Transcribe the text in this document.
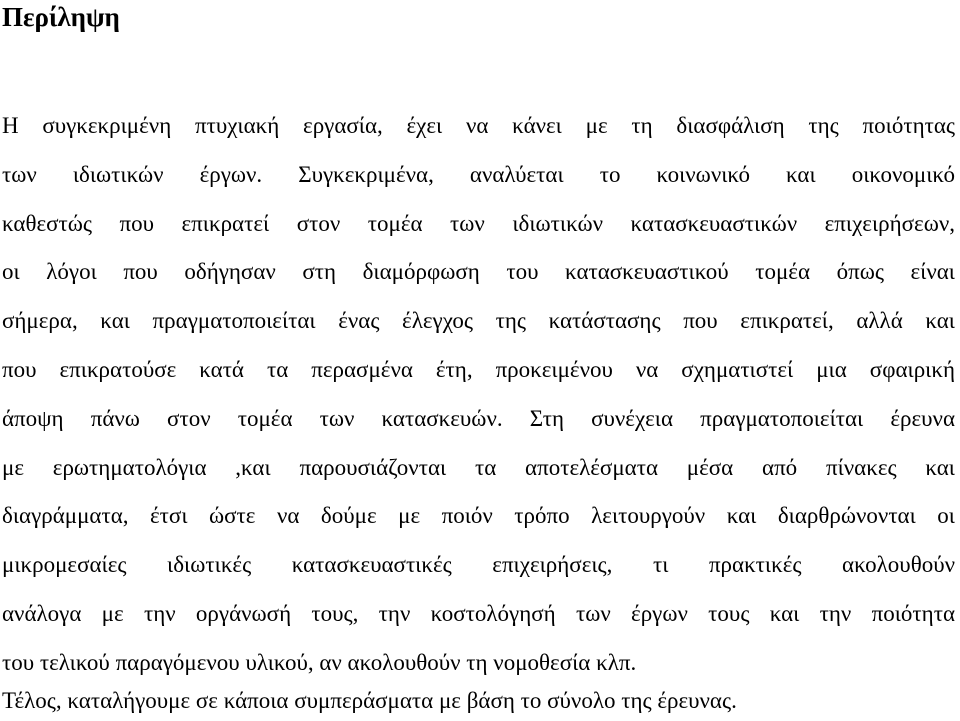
Περίληψη
Η συγκεκριμένη πτυχιακή εργασία, έχει να κάνει με τη διασφάλιση της ποιότητας
των ιδιωτικών έργων. Συγκεκριμένα, αναλύεται το κοινωνικό και οικονομικό
καθεστώς που επικρατεί στον τομέα των ιδιωτικών κατασκευαστικών επιχειρήσεων,
οι λόγοι που οδήγησαν στη διαμόρφωση του κατασκευαστικού τομέα όπως είναι
σήμερα, και πραγματοποιείται ένας έλεγχος της κατάστασης που επικρατεί, αλλά και
που επικρατούσε κατά τα περασμένα έτη, προκειμένου να σχηματιστεί μια σφαιρική
άποψη πάνω στον τομέα των κατασκευών. Στη συνέχεια πραγματοποιείται έρευνα
με ερωτηματολόγια ,και παρουσιάζονται τα αποτελέσματα μέσα από πίνακες και
διαγράμματα, έτσι ώστε να δούμε με ποιόν τρόπο λειτουργούν και διαρθρώνονται οι
μικρομεσαίες ιδιωτικές κατασκευαστικές επιχειρήσεις, τι πρακτικές ακολουθούν
ανάλογα με την οργάνωσή τους, την κοστολόγησή των έργων τους και την ποιότητα
του τελικού παραγόμενου υλικού, αν ακολουθούν τη νομοθεσία κλπ.

Τέλος, καταλήγουμε σε κάποια συμπεράσματα με βάση το σύνολο της έρευνας.
